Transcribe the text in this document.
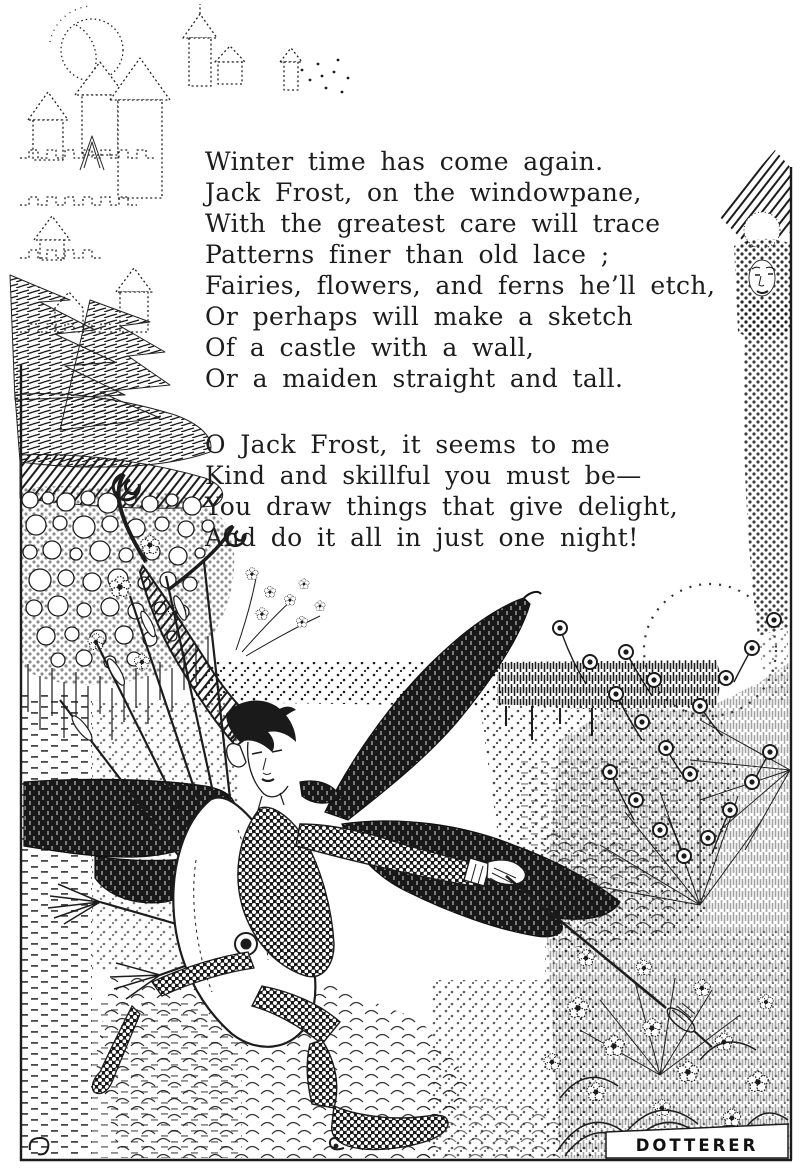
DOTTERER
Winter time has come again.
Jack Frost, on the windowpane,
With the greatest care will trace
Patterns finer than old lace ;
Fairies, flowers, and ferns he’ll etch,
Or perhaps will make a sketch
Of a castle with a wall,
Or a maiden straight and tall.
O Jack Frost, it seems to me
Kind and skillful you must be—
You draw things that give delight,
And do it all in just one night!
